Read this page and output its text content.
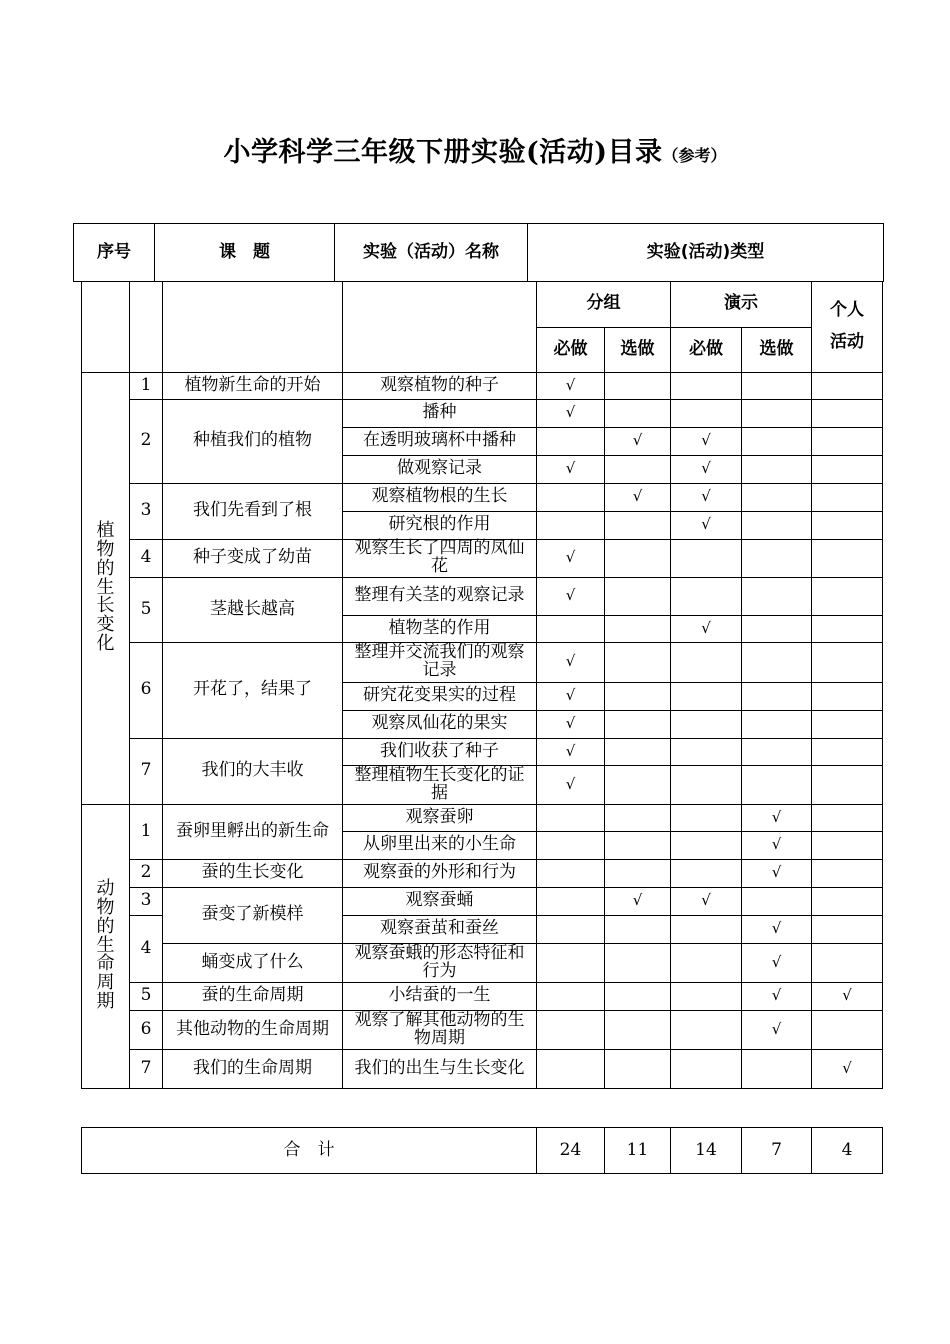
小学科学三年级下册实验(活动)目录（参考）
序号	课　题	实验（活动）名称	实验(活动)类型
				分组		演示		个人活动

				必做	选做	必做	选做	

植物的生长变化	1	植物新生命的开始	观察植物的种子	√				
	2	种植我们的植物	播种	√				
			在透明玻璃杯中播种		√	√		
			做观察记录	√		√		
	3	我们先看到了根	观察植物根的生长		√	√		
			研究根的作用			√		
	4	种子变成了幼苗	观察生长了四周的凤仙花	√				
	5	茎越长越高	整理有关茎的观察记录	√				
			植物茎的作用			√		
	6	开花了，结果了	整理并交流我们的观察记录	√				
			研究花变果实的过程	√				
			观察凤仙花的果实	√				
	7	我们的大丰收	我们收获了种子	√				
			整理植物生长变化的证据	√				

动物的生命周期	1	蚕卵里孵出的新生命	观察蚕卵				√	
			从卵里出来的小生命				√	
	2	蚕的生长变化	观察蚕的外形和行为				√	
	3	蚕变了新模样	观察蚕蛹		√	√		
	4		观察蚕茧和蚕丝				√	
		蛹变成了什么	观察蚕蛾的形态特征和行为				√	
	5	蚕的生命周期	小结蚕的一生				√	√
	6	其他动物的生命周期	观察了解其他动物的生物周期				√	
	7	我们的生命周期	我们的出生与生长变化					√
合　计	24	11	14	7	4
